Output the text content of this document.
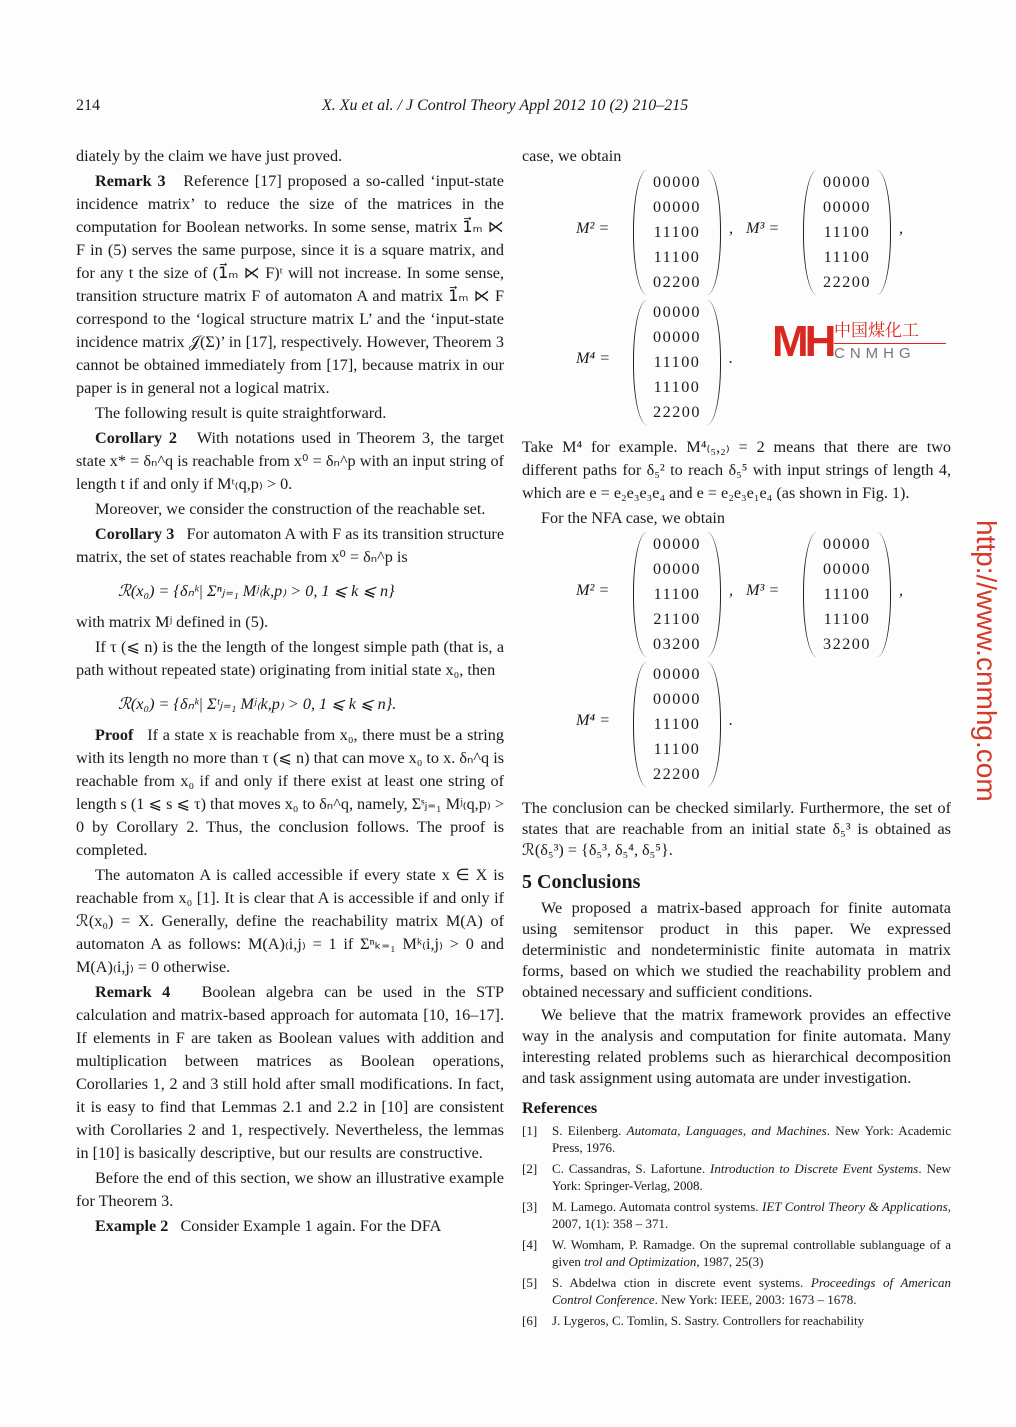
214	X. Xu et al. / J Control Theory Appl 2012 10 (2) 210–215
diately by the claim we have just proved.
Remark 3 Reference [17] proposed a so-called ‘input-state incidence matrix’ to reduce the size of the matrices in the computation for Boolean networks. In some sense, matrix 1⃗ₘ ⋉ F in (5) serves the same purpose, since it is a square matrix, and for any t the size of (1⃗ₘ ⋉ F)ᵗ will not increase. In some sense, transition structure matrix F of automaton A and matrix 1⃗ₘ ⋉ F correspond to the ‘logical structure matrix L’ and the ‘input-state incidence matrix 𝒥(Σ)’ in [17], respectively. However, Theorem 3 cannot be obtained immediately from [17], because matrix in our paper is in general not a logical matrix.
The following result is quite straightforward.
Corollary 2 With notations used in Theorem 3, the target state x* = δₙ^q is reachable from x⁰ = δₙ^p with an input string of length t if and only if Mᵗ₍q,p₎ > 0.
Moreover, we consider the construction of the reachable set.
Corollary 3 For automaton A with F as its transition structure matrix, the set of states reachable from x⁰ = δₙ^p is
ℛ(x₀) = {δₙᵏ| Σⁿⱼ₌₁ Mʲ₍k,p₎ > 0, 1 ⩽ k ⩽ n}
with matrix Mʲ defined in (5).
If τ (⩽ n) is the the length of the longest simple path (that is, a path without repeated state) originating from initial state x₀, then
ℛ(x₀) = {δₙᵏ| Σᵗⱼ₌₁ Mʲ₍k,p₎ > 0, 1 ⩽ k ⩽ n}.
Proof If a state x is reachable from x₀, there must be a string with its length no more than τ (⩽ n) that can move x₀ to x. δₙ^q is reachable from x₀ if and only if there exist at least one string of length s (1 ⩽ s ⩽ τ) that moves x₀ to δₙ^q, namely, Σˢⱼ₌₁ Mʲ₍q,p₎ > 0 by Corollary 2. Thus, the conclusion follows. The proof is completed.
The automaton A is called accessible if every state x ∈ X is reachable from x₀ [1]. It is clear that A is accessible if and only if ℛ(x₀) = X. Generally, define the reachability matrix M(A) of automaton A as follows: M(A)₍i,j₎ = 1 if Σⁿₖ₌₁ Mᵏ₍i,j₎ > 0 and M(A)₍i,j₎ = 0 otherwise.
Remark 4 Boolean algebra can be used in the STP calculation and matrix-based approach for automata [10, 16–17]. If elements in F are taken as Boolean values with addition and multiplication between matrices as Boolean operations, Corollaries 1, 2 and 3 still hold after small modifications. In fact, it is easy to find that Lemmas 2.1 and 2.2 in [10] are consistent with Corollaries 2 and 1, respectively. Nevertheless, the lemmas in [10] is basically descriptive, but our results are constructive.
Before the end of this section, we show an illustrative example for Theorem 3.
Example 2 Consider Example 1 again. For the DFA
case, we obtain
MH 中国煤化工
CNMHG
M² =
00000
00000
11100
11100
02200
, M³ =
00000
00000
11100
11100
22200
,
M⁴ =
00000
00000
11100
11100
22200
.
Take M⁴ for example. M⁴₍₅,₂₎ = 2 means that there are two different paths for δ₅² to reach δ₅⁵ with input strings of length 4, which are e = e₂e₃e₃e₄ and e = e₂e₃e₁e₄ (as shown in Fig. 1).
For the NFA case, we obtain
M² =
00000
00000
11100
21100
03200
, M³ =
00000
00000
11100
11100
32200
,
M⁴ =
00000
00000
11100
11100
22200
.
The conclusion can be checked similarly. Furthermore, the set of states that are reachable from an initial state δ₅³ is obtained as ℛ(δ₅³) = {δ₅³, δ₅⁴, δ₅⁵}.
5 Conclusions
We proposed a matrix-based approach for finite automata using semitensor product in this paper. We expressed deterministic and nondeterministic finite automata in matrix forms, based on which we studied the reachability problem and obtained necessary and sufficient conditions.
We believe that the matrix framework provides an effective way in the analysis and computation for finite automata. Many interesting related problems such as hierarchical decomposition and task assignment using automata are under investigation.
References
[1] S. Eilenberg. Automata, Languages, and Machines. New York: Academic Press, 1976.
[2] C. Cassandras, S. Lafortune. Introduction to Discrete Event Systems. New York: Springer-Verlag, 2008.
[3] M. Lamego. Automata control systems. IET Control Theory & Applications, 2007, 1(1): 358 – 371.
[4] W. Womham, P. Ramadge. On the supremal controllable sublanguage of a given trol and Optimization, 1987, 25(3)
[5] S. Abdelwa ction in discrete event systems. Proceedings of American Control Conference. New York: IEEE, 2003: 1673 – 1678.
[6] J. Lygeros, C. Tomlin, S. Sastry. Controllers for reachability
http://www.cnmhg.com
